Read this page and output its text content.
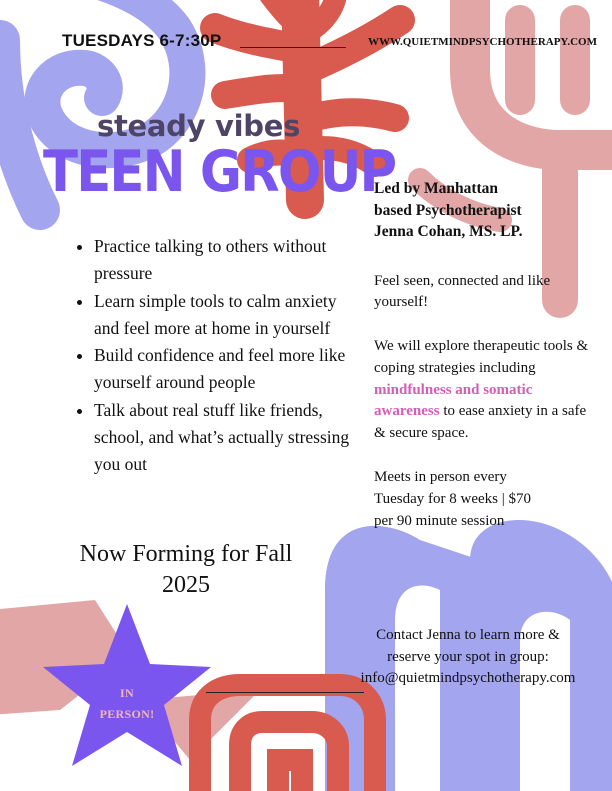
TUESDAYS 6-7:30P	WWW.QUIETMINDPSYCHOTHERAPY.COM
steady vibes
TEEN GROUP
• Practice talking to others without pressure
• Learn simple tools to calm anxiety and feel more at home in yourself
• Build confidence and feel more like yourself around people
• Talk about real stuff like friends, school, and what’s actually stressing you out
Now Forming for Fall
2025
Led by Manhattan
based Psychotherapist
Jenna Cohan, MS. LP.

Feel seen, connected and like yourself!

We will explore therapeutic tools & coping strategies including mindfulness and somatic awareness to ease anxiety in a safe & secure space.

Meets in person every Tuesday for 8 weeks | $70 per 90 minute session

Contact Jenna to learn more &
reserve your spot in group:
info@quietmindpsychotherapy.com
IN
PERSON!
